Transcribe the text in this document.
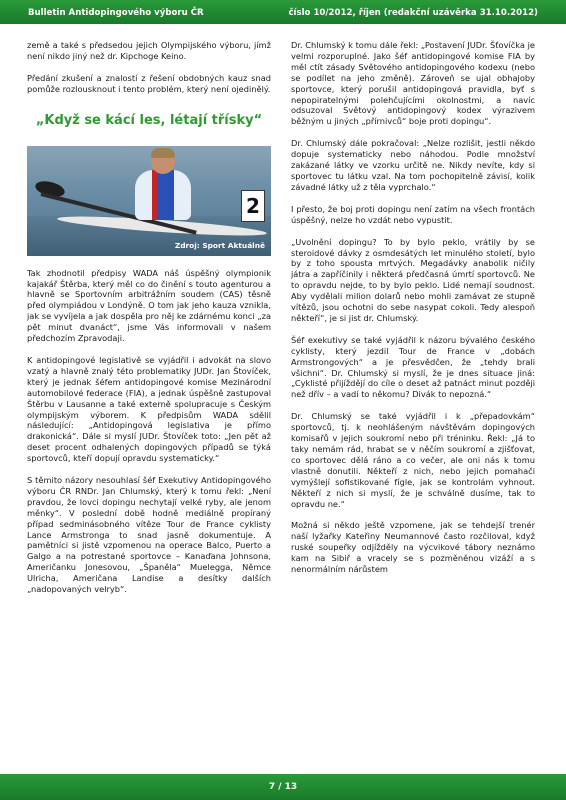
Bulletin Antidopingového výboru ČR	číslo 10/2012, říjen (redakční uzávěrka 31.10.2012)

země a také s předsedou jejich Olympijského výboru, jímž není nikdo jiný než dr. Kipchoge Keino.

Předání zkušení a znalostí z řešení obdobných kauz snad pomůže rozlousknout i tento problém, který není ojedinělý.

„Když se kácí les, létají třísky“
2
Zdroj: Sport Aktuálně

Tak zhodnotil předpisy WADA náš úspěšný olympionik kajakář Štěrba, který měl co do činění s touto agenturou a hlavně se Sportovním arbitrážním soudem (CAS) těsně před olympiádou v Londýně. O tom jak jeho kauza vznikla, jak se vyvíjela a jak dospěla pro něj ke zdárnému konci „za pět minut dvanáct“, jsme Vás informovali v našem předchozím Zpravodaji.

K antidopingové legislativě se vyjádřil i advokát na slovo vzatý a hlavně znalý této problematiky JUDr. Jan Štovíček, který je jednak šéfem antidopingové komise Mezinárodní automobilové federace (FIA), a jednak úspěšně zastupoval Štěrbu v Lausanne a také externě spolupracuje s Českým olympijským výborem. K předpisům WADA sdělil následující: „Antidopingová legislativa je přímo drakonická“. Dále si myslí JUDr. Štovíček toto: „Jen pět až deset procent odhalených dopingových případů se týká sportovců, kteří dopují opravdu systematicky.“

S těmito názory nesouhlasí šéf Exekutivy Antidopingového výboru ČR RNDr. Jan Chlumský, který k tomu řekl: „Není pravdou, že lovci dopingu nechytají velké ryby, ale jenom měnky“. V poslední době hodně mediálně propíraný případ sedminásobného vítěze Tour de France cyklisty Lance Armstronga to snad jasně dokumentuje. A pamětníci si jistě vzpomenou na operace Balco, Puerto a Galgo a na potrestané sportovce – Kanaďana Johnsona, Američanku Jonesovou, „Španěla“ Mueleggа, Němce Ulricha, Američana Landise a desítky dalších „nadopovaných velryb“.

Dr. Chlumský k tomu dále řekl: „Postavení JUDr. Šťovíčka je velmi rozporuplné. Jako šéf antidopingové komise FIA by měl ctít zásady Světového antidopingového kodexu (nebo se podílet na jeho změně). Zároveň se ujal obhajoby sportovce, který porušil antidopingová pravidla, byť s nepopiratelnými polehčujícími okolnostmi, a navíc odsuzoval Světový antidopingový kodex výrazivem běžným u jiných „přírnivců“ boje proti dopingu“.

Dr. Chlumský dále pokračoval: „Nelze rozlišit, jestli někdo dopuje systematicky nebo náhodou. Podle množství zakázané látky ve vzorku určitě ne. Nikdy nevíte, kdy si sportovec tu látku vzal. Na tom pochopitelně závisí, kolik závadné látky už z těla vyprchalo.“

I přesto, že boj proti dopingu není zatím na všech frontách úspěšný, nelze ho vzdát nebo vypustit.

„Uvolnění dopingu? To by bylo peklo, vrátily by se steroidové dávky z osmdesátých let minulého století, bylo by z toho spousta mrtvých. Megadávky anabolik ničily játra a zapříčinily i některá předčasná úmrtí sportovců. Ne to opravdu nejde, to by bylo peklo. Lidé nemají soudnost. Aby vydělali milion dolarů nebo mohli zamávat ze stupně vítězů, jsou ochotni do sebe nasypat cokoli. Tedy alespoň někteří“, je si jist dr. Chlumský.

Šéf exekutivy se také vyjádřil k názoru bývalého českého cyklisty, který jezdil Tour de France v „dobách Armstrongových“ a je přesvědčen, že „tehdy brali všichni“. Dr. Chlumský si myslí, že je dnes situace jiná: „Cyklisté přijíždějí do cíle o deset až patnáct minut později než dřív – a vadí to někomu? Divák to nepozná.“

Dr. Chlumský se také vyjádřil i k „přepadovkám“ sportovců, tj. k neohlášeným návštěvám dopingových komisařů v jejich soukromí nebo při tréninku. Řekl: „Já to taky nemám rád, hrabat se v něčím soukromí a zjišťovat, co sportovec dělá ráno a co večer, ale oni nás k tomu vlastně donutili. Někteří z nich, nebo jejich pomahači vymýšlejí sofistikované fígle, jak se kontrolám vyhnout. Někteří z nich si myslí, že je schválně dusíme, tak to opravdu ne.“

Možná si někdo ještě vzpomene, jak se tehdejší trenér naší lyžařky Kateřiny Neumannové často rozčiloval, když ruské soupeřky odjížděly na výcvikové tábory neznámo kam na Sibiř a vracely se s pozměněnou vizáží a s nenormálním nárůstem

7 / 13
